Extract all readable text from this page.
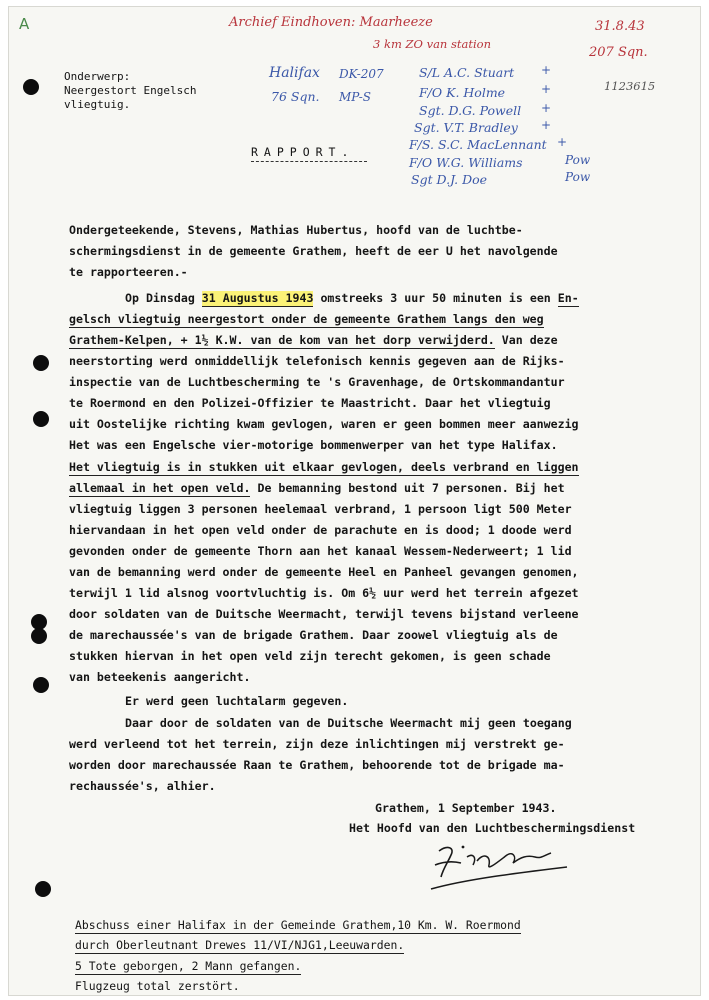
A	Archief Eindhoven: Maarheeze
3 km ZO van station
31.8.43
207 Sqn.
1123615
Onderwerp:
Neergestort Engelsch
vliegtuig.
Halifax DK-207
76 Sqn. MP-S
S/L A.C. Stuart +
F/O K. Holme	+
Sgt. D.G. Powell +
Sgt. V.T. Bradley +
F/S. S.C. MacLennant +
F/O W.G. Williams	Pow
Sgt D.J. Doe	Pow
RAPPORT.
Ondergeteekende, Stevens, Mathias Hubertus, hoofd van de luchtbe-
schermingsdienst in de gemeente Grathem, heeft de eer U het navolgende
te rapporteeren.-
Op Dinsdag 31 Augustus 1943 omstreeks 3 uur 50 minuten is een En-
gelsch vliegtuig neergestort onder de gemeente Grathem langs den weg
Grathem-Kelpen, + 1½ K.W. van de kom van het dorp verwijderd. Van deze
neerstorting werd onmiddellijk telefonisch kennis gegeven aan de Rijks-
inspectie van de Luchtbescherming te 's Gravenhage, de Ortskommandantur
te Roermond en den Polizei-Offizier te Maastricht. Daar het vliegtuig
uit Oostelijke richting kwam gevlogen, waren er geen bommen meer aanwezig
Het was een Engelsche vier-motorige bommenwerper van het type Halifax.
Het vliegtuig is in stukken uit elkaar gevlogen, deels verbrand en liggen
allemaal in het open veld. De bemanning bestond uit 7 personen. Bij het
vliegtuig liggen 3 personen heelemaal verbrand, 1 persoon ligt 500 Meter
hiervandaan in het open veld onder de parachute en is dood; 1 doode werd
gevonden onder de gemeente Thorn aan het kanaal Wessem-Nederweert; 1 lid
van de bemanning werd onder de gemeente Heel en Panheel gevangen genomen,
terwijl 1 lid alsnog voortvluchtig is. Om 6½ uur werd het terrein afgezet
door soldaten van de Duitsche Weermacht, terwijl tevens bijstand verleene
de marechaussée's van de brigade Grathem. Daar zoowel vliegtuig als de
stukken hiervan in het open veld zijn terecht gekomen, is geen schade
van beteekenis aangericht.
Er werd geen luchtalarm gegeven.
Daar door de soldaten van de Duitsche Weermacht mij geen toegang
werd verleend tot het terrein, zijn deze inlichtingen mij verstrekt ge-
worden door marechaussée Raan te Grathem, behoorende tot de brigade ma-
rechaussée's, alhier.
Grathem, 1 September 1943.
Het Hoofd van den Luchtbeschermingsdienst
Abschuss einer Halifax in der Gemeinde Grathem,10 Km. W. Roermond
durch Oberleutnant Drewes 11/VI/NJG1,Leeuwarden.
5 Tote geborgen, 2 Mann gefangen.
Flugzeug total zerstört.
